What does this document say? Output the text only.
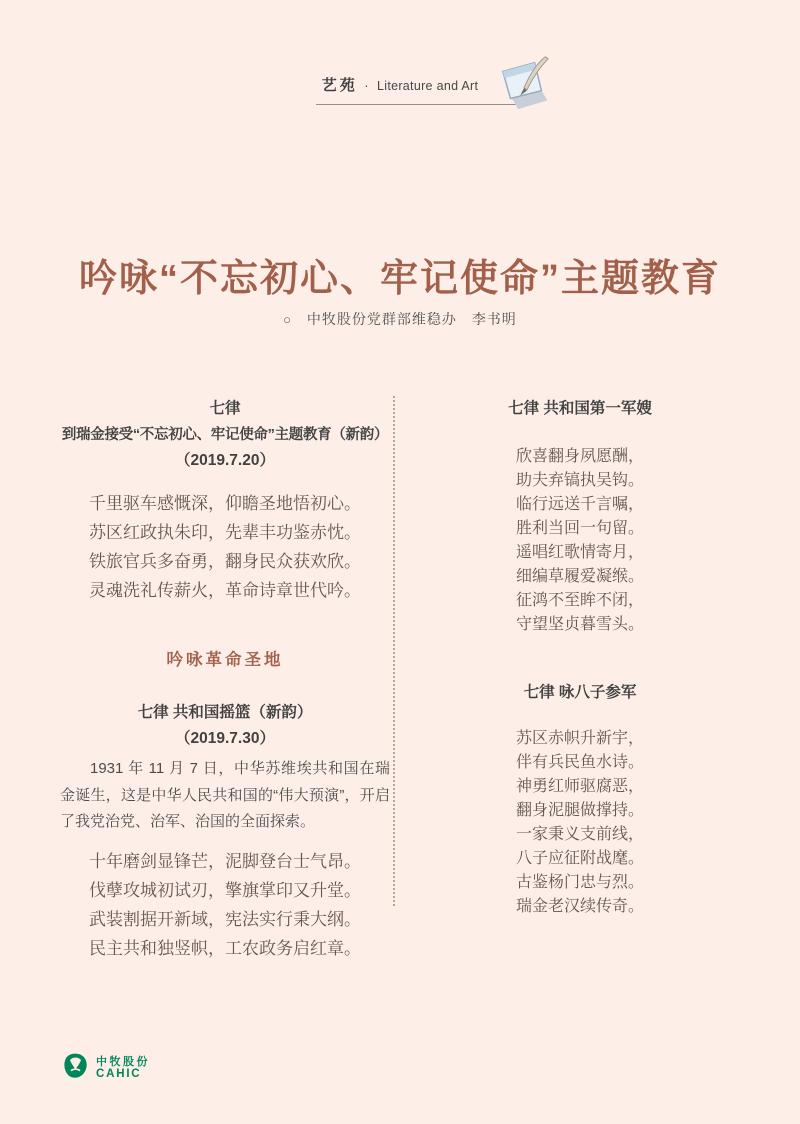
艺苑 · Literature and Art
吟咏“不忘初心、牢记使命”主题教育
○ 中牧股份党群部维稳办 李书明
七律
到瑞金接受“不忘初心、牢记使命”主题教育（新韵）
（2019.7.20）
千里驱车感慨深，仰瞻圣地悟初心。
苏区红政执朱印，先辈丰功鉴赤忱。
铁旅官兵多奋勇，翻身民众获欢欣。
灵魂洗礼传薪火，革命诗章世代吟。
吟咏革命圣地
七律 共和国摇篮（新韵）
（2019.7.30）
1931 年 11 月 7 日，中华苏维埃共和国在瑞金诞生，这是中华人民共和国的“伟大预演”，开启了我党治党、治军、治国的全面探索。
十年磨剑显锋芒，泥脚登台士气昂。
伐孽攻城初试刃，擎旗掌印又升堂。
武装割据开新域，宪法实行秉大纲。
民主共和独竖帜，工农政务启红章。
七律 共和国第一军嫂
欣喜翻身夙愿酬，
助夫弃镐执吴钩。
临行远送千言嘱，
胜利当回一句留。
遥唱红歌情寄月，
细编草履爱凝缑。
征鸿不至眸不闭，
守望坚贞暮雪头。
七律 咏八子参军
苏区赤帜升新宇，
伴有兵民鱼水诗。
神勇红师驱腐恶，
翻身泥腿做撑持。
一家秉义支前线，
八子应征附战麾。
古鉴杨门忠与烈。
瑞金老汉续传奇。
中牧股份
CAHIC
